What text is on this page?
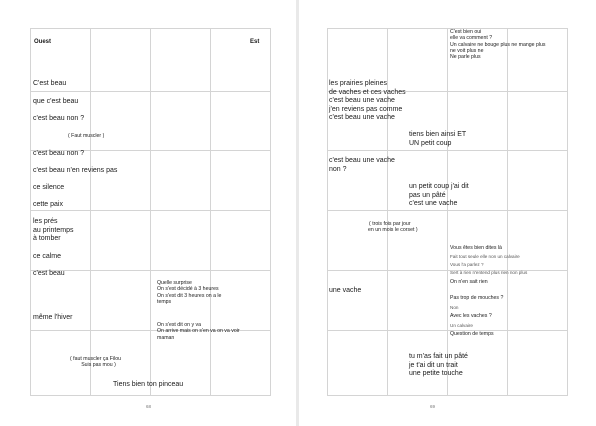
Ouest	Est
C'est beau
que c'est beau
c'est beau non ?
( Faut muscler )
c'est beau non ?
c'est beau n'en reviens pas
ce silence
cette paix
les prés
au printemps
à tomber
ce calme
c'est beau
Quelle surprise
On s'est décidé à 3 heures
On s'est dit 3 heures on a le
temps
même l'hiver
On s'est dit on y va
On arrive mais on s'en va on va voir
maman
( faut muscler ça Filou
Suis pas mou )
Tiens bien ton pinceau
68
C'est bien oui
elle va comment ?
Un calvaire ne bouge plus ne mange plus
ne voit plus ne
Ne parle plus
les prairies pleines
de vaches et ces vaches
c'est beau une vache
j'en reviens pas comme
c'est beau une vache
tiens bien ainsi ET
UN petit coup
c'est beau une vache
non ?
un petit coup j'ai dit
pas un pâté
c'est une vache
( trois fois par jour
en un mois le corset )
Vous êtes bien dites là
Fait tout seule elle non un calvaire
Vous l'a parlez ?
Sert à rien n'entend plus rien non plus
On n'en sait rien
une vache
Pas trop de mouches ?
Non
Avec les vaches ?
Un calvaire
Question de temps
tu m'as fait un pâté
je t'ai dit un trait
une petite touche
69
